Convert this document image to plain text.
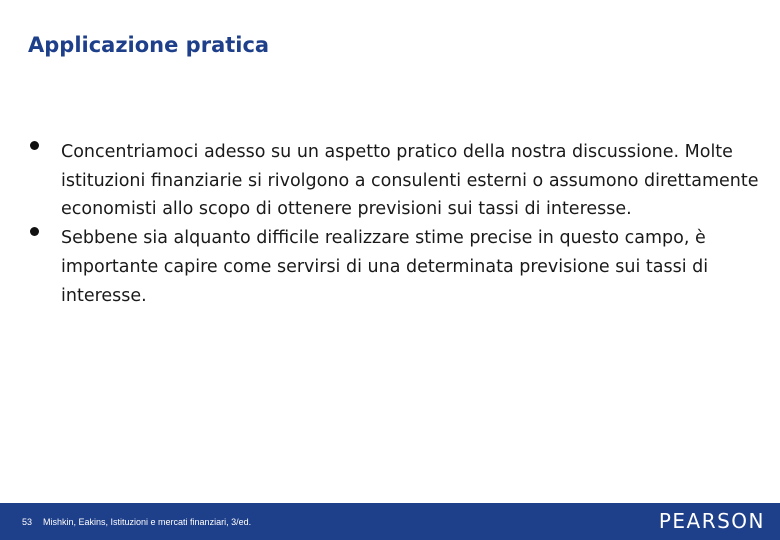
Applicazione pratica
Concentriamoci adesso su un aspetto pratico della nostra discussione. Molte istituzioni finanziarie si rivolgono a consulenti esterni o assumono direttamente economisti allo scopo di ottenere previsioni sui tassi di interesse.
Sebbene sia alquanto difficile realizzare stime precise in questo campo, è importante capire come servirsi di una determinata previsione sui tassi di interesse.
53 Mishkin, Eakins, Istituzioni e mercati finanziari, 3/ed.	PEARSON
